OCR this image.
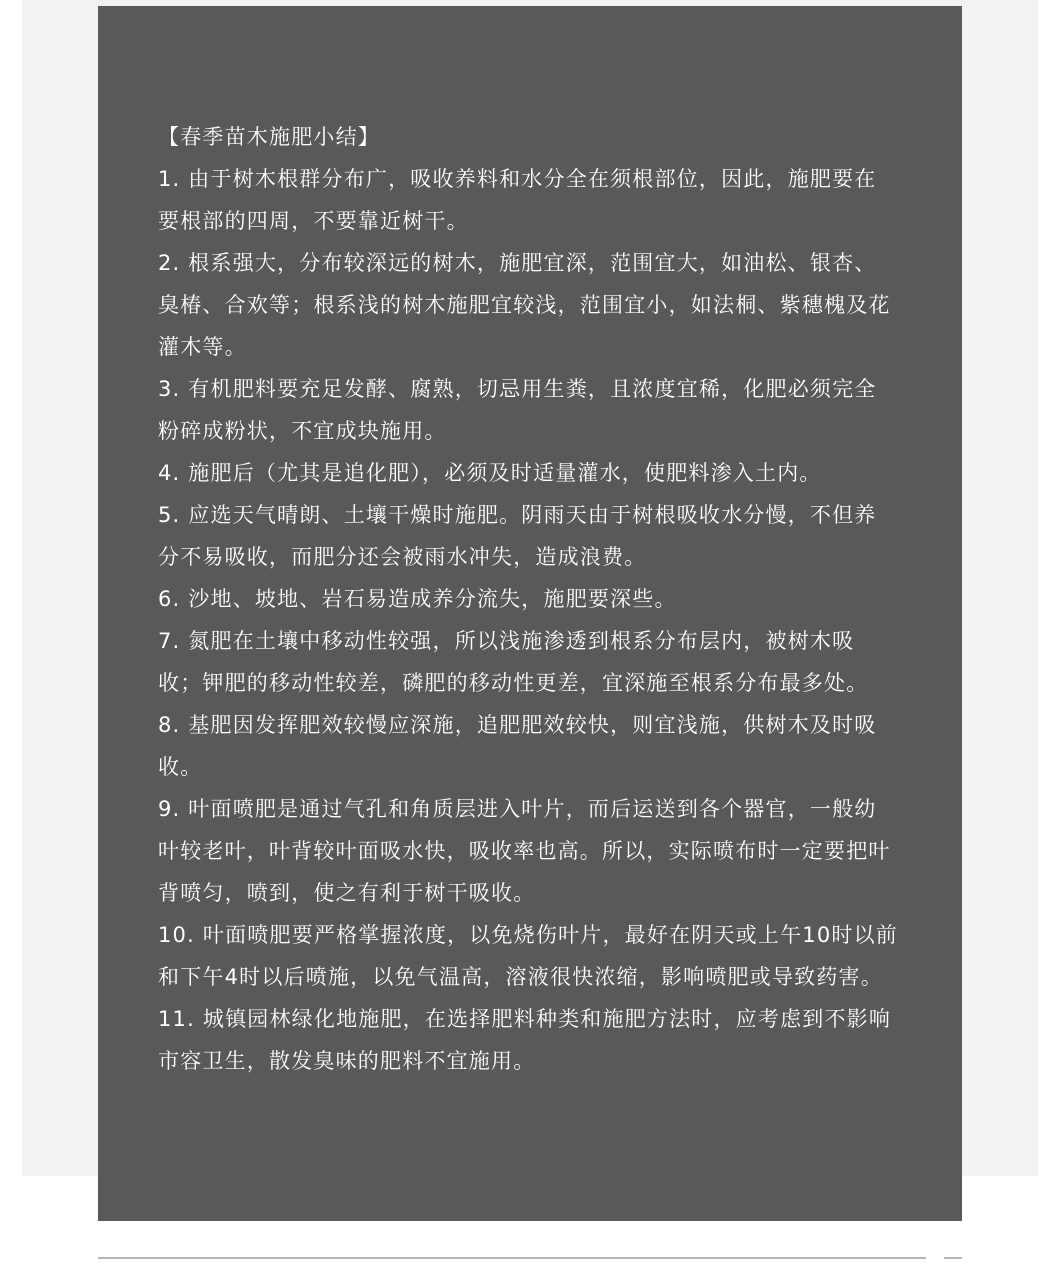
【春季苗木施肥小结】

1. 由于树木根群分布广，吸收养料和水分全在须根部位，因此，施肥要在要根部的四周，不要靠近树干。

2. 根系强大，分布较深远的树木，施肥宜深，范围宜大，如油松、银杏、臭椿、合欢等；根系浅的树木施肥宜较浅，范围宜小，如法桐、紫穗槐及花灌木等。

3. 有机肥料要充足发酵、腐熟，切忌用生粪，且浓度宜稀，化肥必须完全粉碎成粉状，不宜成块施用。

4. 施肥后（尤其是追化肥），必须及时适量灌水，使肥料渗入土内。

5. 应选天气晴朗、土壤干燥时施肥。阴雨天由于树根吸收水分慢，不但养分不易吸收，而肥分还会被雨水冲失，造成浪费。

6. 沙地、坡地、岩石易造成养分流失，施肥要深些。

7. 氮肥在土壤中移动性较强，所以浅施渗透到根系分布层内，被树木吸收；钾肥的移动性较差，磷肥的移动性更差，宜深施至根系分布最多处。

8. 基肥因发挥肥效较慢应深施，追肥肥效较快，则宜浅施，供树木及时吸收。

9. 叶面喷肥是通过气孔和角质层进入叶片，而后运送到各个器官，一般幼叶较老叶，叶背较叶面吸水快，吸收率也高。所以，实际喷布时一定要把叶背喷匀，喷到，使之有利于树干吸收。

10. 叶面喷肥要严格掌握浓度，以免烧伤叶片，最好在阴天或上午10时以前和下午4时以后喷施，以免气温高，溶液很快浓缩，影响喷肥或导致药害。

11. 城镇园林绿化地施肥，在选择肥料种类和施肥方法时，应考虑到不影响市容卫生，散发臭味的肥料不宜施用。
